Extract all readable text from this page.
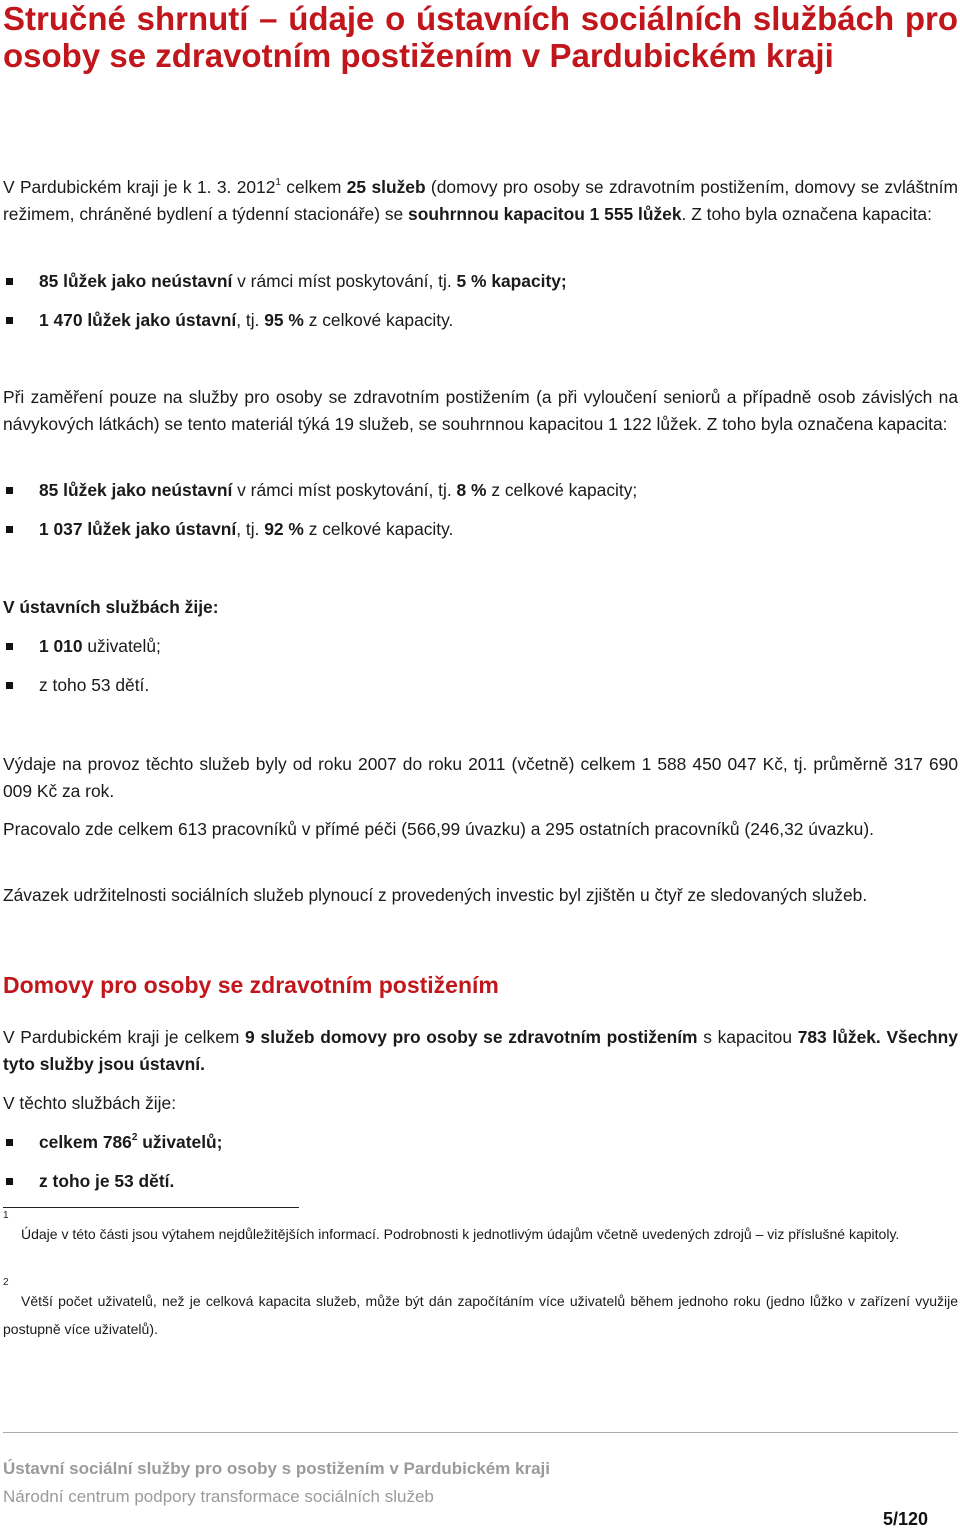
Stručné shrnutí – údaje o ústavních sociálních službách pro osoby se zdravotním postižením v Pardubickém kraji

V Pardubickém kraji je k 1. 3. 2012$^1$ celkem 25 služeb (domovy pro osoby se zdravotním postižením, domovy se zvláštním režimem, chráněné bydlení a týdenní stacionáře) se souhrnnou kapacitou 1 555 lůžek. Z toho byla označena kapacita:

85 lůžek jako neústavní v rámci míst poskytování, tj. 5 % kapacity;

1 470 lůžek jako ústavní, tj. 95 % z celkové kapacity.

Při zaměření pouze na služby pro osoby se zdravotním postižením (a při vyloučení seniorů a případně osob závislých na návykových látkách) se tento materiál týká 19 služeb, se souhrnnou kapacitou 1 122 lůžek. Z toho byla označena kapacita:

85 lůžek jako neústavní v rámci míst poskytování, tj. 8 % z celkové kapacity;

1 037 lůžek jako ústavní, tj. 92 % z celkové kapacity.

V ústavních službách žije:

1 010 uživatelů;

z toho 53 dětí.

Výdaje na provoz těchto služeb byly od roku 2007 do roku 2011 (včetně) celkem 1 588 450 047 Kč, tj. průměrně 317 690 009 Kč za rok.

Pracovalo zde celkem 613 pracovníků v přímé péči (566,99 úvazku) a 295 ostatních pracovníků (246,32 úvazku).

Závazek udržitelnosti sociálních služeb plynoucí z provedených investic byl zjištěn u čtyř ze sledovaných služeb.

Domovy pro osoby se zdravotním postižením

V Pardubickém kraji je celkem 9 služeb domovy pro osoby se zdravotním postižením s kapacitou 783 lůžek. Všechny tyto služby jsou ústavní.

V těchto službách žije:

celkem $786^2$ uživatelů;

z toho je 53 dětí.

1
Údaje v této části jsou výtahem nejdůležitějších informací. Podrobnosti k jednotlivým údajům včetně uvedených zdrojů – viz příslušné kapitoly.

2
Větší počet uživatelů, než je celková kapacita služeb, může být dán započítáním více uživatelů během jednoho roku (jedno lůžko v zařízení využije postupně více uživatelů).

Ústavní sociální služby pro osoby s postižením v Pardubickém kraji

Národní centrum podpory transformace sociálních služeb

5/120
